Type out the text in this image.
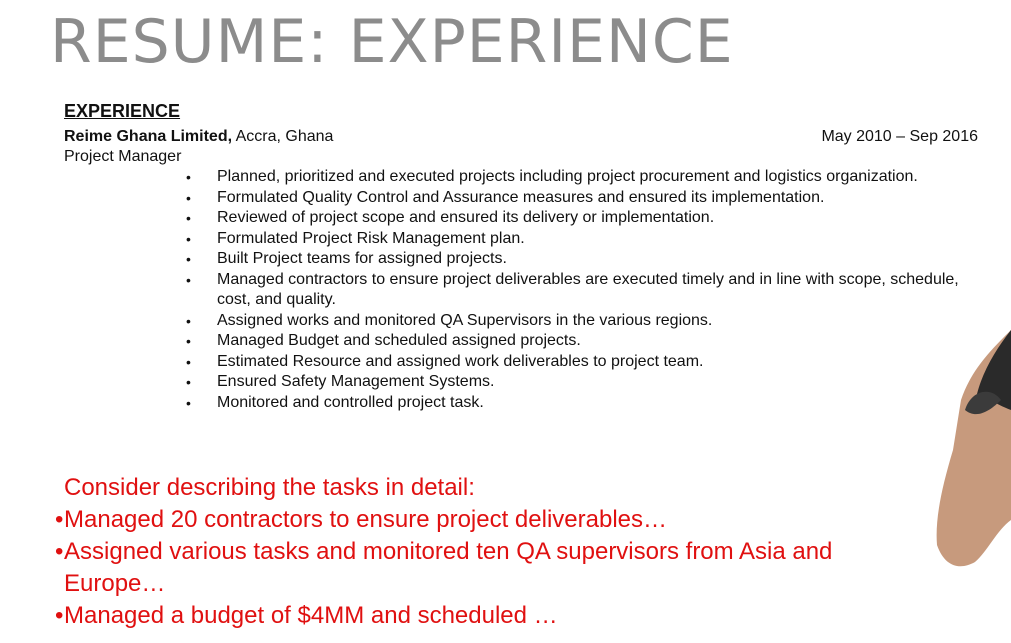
RESUME: EXPERIENCE
EXPERIENCE
Reime Ghana Limited, Accra, Ghana	May 2010 – Sep 2016
Project Manager
• Planned, prioritized and executed projects including project procurement and logistics organization.
• Formulated Quality Control and Assurance measures and ensured its implementation.
• Reviewed of project scope and ensured its delivery or implementation.
• Formulated Project Risk Management plan.
• Built Project teams for assigned projects.
• Managed contractors to ensure project deliverables are executed timely and in line with scope, schedule, cost, and quality.
• Assigned works and monitored QA Supervisors in the various regions.
• Managed Budget and scheduled assigned projects.
• Estimated Resource and assigned work deliverables to project team.
• Ensured Safety Management Systems.
• Monitored and controlled project task.
Consider describing the tasks in detail:
• Managed 20 contractors to ensure project deliverables…
• Assigned various tasks and monitored ten QA supervisors from Asia and Europe…
• Managed a budget of $4MM and scheduled …
